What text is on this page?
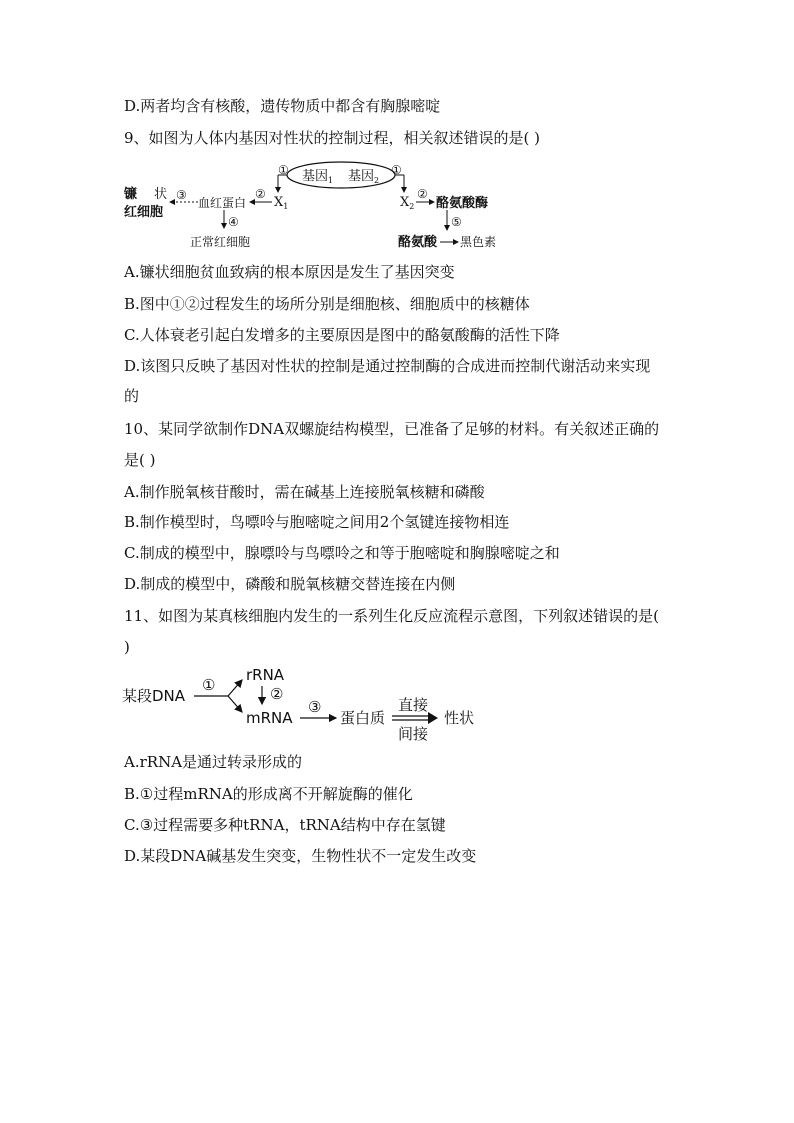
D.两者均含有核酸，遗传物质中都含有胸腺嘧啶
9、如图为人体内基因对性状的控制过程，相关叙述错误的是( )
基因$_1$ 基因$_2$
①	①
$X_1$
②
血红蛋白
③
镰 状
红细胞
④
正常红细胞
$X_2$
②
酪氨酸酶
⑤
酪氨酸 黑色素
A.镰状细胞贫血致病的根本原因是发生了基因突变
B.图中①②过程发生的场所分别是细胞核、细胞质中的核糖体
C.人体衰老引起白发增多的主要原因是图中的酪氨酸酶的活性下降
D.该图只反映了基因对性状的控制是通过控制酶的合成进而控制代谢活动来实现
的
10、某同学欲制作DNA双螺旋结构模型，已准备了足够的材料。有关叙述正确的
是( )
A.制作脱氧核苷酸时，需在碱基上连接脱氧核糖和磷酸
B.制作模型时，鸟嘌呤与胞嘧啶之间用2个氢键连接物相连
C.制成的模型中，腺嘌呤与鸟嘌呤之和等于胞嘧啶和胸腺嘧啶之和
D.制成的模型中，磷酸和脱氧核糖交替连接在内侧
11、如图为某真核细胞内发生的一系列生化反应流程示意图，下列叙述错误的是(
)
某段DNA
①
rRNA
②
mRNA
③
蛋白质
直接
间接
性状
A.rRNA是通过转录形成的
B.①过程mRNA的形成离不开解旋酶的催化
C.③过程需要多种tRNA，tRNA结构中存在氢键
D.某段DNA碱基发生突变，生物性状不一定发生改变
